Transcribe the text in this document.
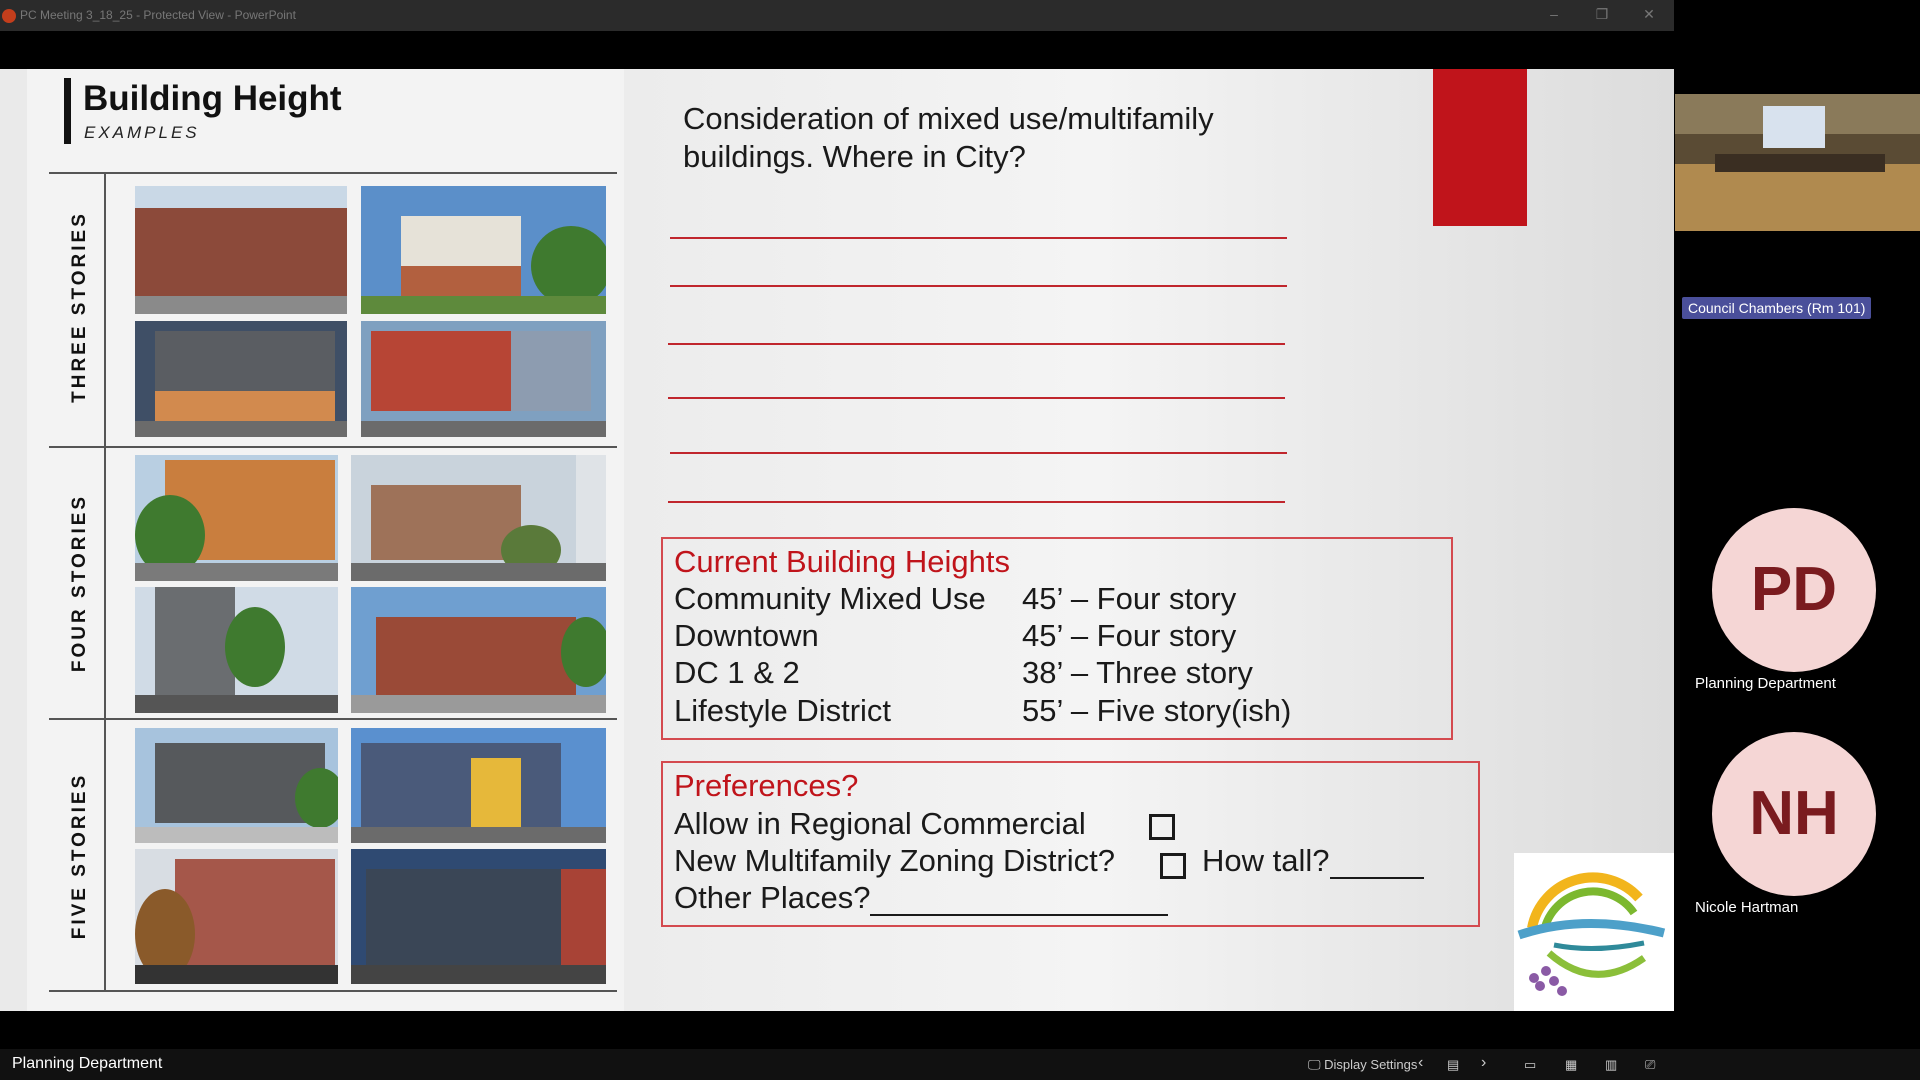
PC Meeting 3_18_25 - Protected View - PowerPoint	–	❐	✕
Building Height
EXAMPLES
THREE STORIES
FOUR STORIES
FIVE STORIES
Consideration of mixed use/multifamily
buildings. Where in City?
Current Building Heights
Community Mixed Use 45’ – Four story
Downtown	45’ – Four story
DC 1 & 2	38’ – Three story
Lifestyle District	55’ – Five story(ish)
Preferences?
Allow in Regional Commercial
New Multifamily Zoning District?	How tall?
Other Places?
Council Chambers (Rm 101)
PD
Planning Department
NH
Nicole Hartman
Planning Department	🖵 Display Settings ‹ ▤ ›	▭ ▦ ▥ ⎚
